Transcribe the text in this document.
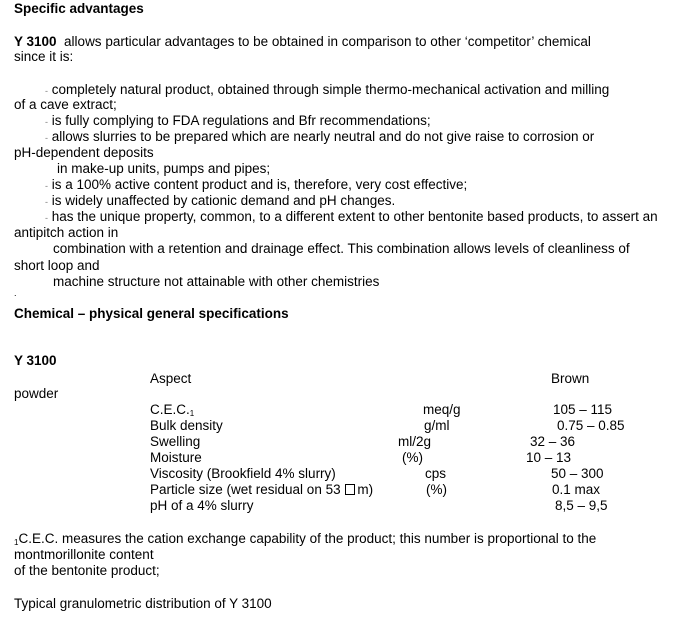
Specific advantages
Y 3100  allows particular advantages to be obtained in comparison to other ‘competitor’ chemical
since it is:
- completely natural product, obtained through simple thermo-mechanical activation and milling
of a cave extract;
- is fully complying to FDA regulations and Bfr recommendations;
- allows slurries to be prepared which are nearly neutral and do not give raise to corrosion or
pH-dependent deposits
in make-up units, pumps and pipes;
- is a 100% active content product and is, therefore, very cost effective;
- is widely unaffected by cationic demand and pH changes.
- has the unique property, common, to a different extent to other bentonite based products, to assert an
antipitch action in
combination with a retention and drainage effect. This combination allows levels of cleanliness of
short loop and
machine structure not attainable with other chemistries
.
Chemical – physical general specifications
Y 3100
Aspect	Brown
powder
C.E.C.1	meq/g	105 – 115
Bulk density	g/ml	0.75 – 0.85
Swelling	ml/2g	32 – 36
Moisture	(%)	10 – 13
Viscosity (Brookfield 4% slurry)	cps	50 – 300
Particle size (wet residual on 53 m)	(%)	0.1 max
pH of a 4% slurry	8,5 – 9,5
1C.E.C. measures the cation exchange capability of the product; this number is proportional to the
montmorillonite content
of the bentonite product;
Typical granulometric distribution of Y 3100
